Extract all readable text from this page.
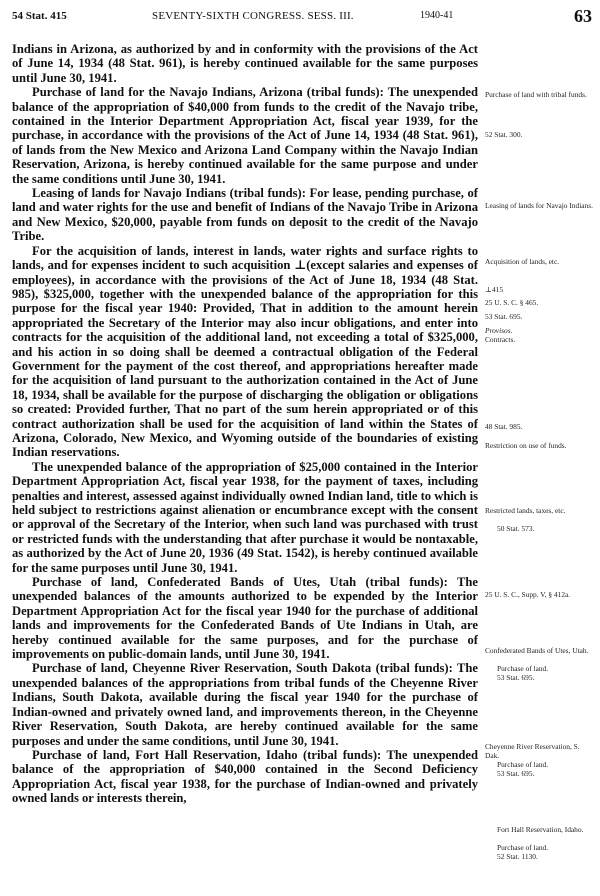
54 Stat. 415	SEVENTY-SIXTH CONGRESS. SESS. III.	1940-41	63

Indians in Arizona, as authorized by and in conformity with the provisions of the Act of June 14, 1934 (48 Stat. 961), is hereby continued available for the same purposes until June 30, 1941.

Purchase of land for the Navajo Indians, Arizona (tribal funds): The unexpended balance of the appropriation of $40,000 from funds to the credit of the Navajo tribe, contained in the Interior Department Appropriation Act, fiscal year 1939, for the purchase, in accordance with the provisions of the Act of June 14, 1934 (48 Stat. 961), of lands from the New Mexico and Arizona Land Company within the Navajo Indian Reservation, Arizona, is hereby continued available for the same purpose and under the same conditions until June 30, 1941.

Leasing of lands for Navajo Indians (tribal funds): For lease, pending purchase, of land and water rights for the use and benefit of Indians of the Navajo Tribe in Arizona and New Mexico, $20,000, payable from funds on deposit to the credit of the Navajo Tribe.

For the acquisition of lands, interest in lands, water rights and surface rights to lands, and for expenses incident to such acquisition ⊥(except salaries and expenses of employees), in accordance with the provisions of the Act of June 18, 1934 (48 Stat. 985), $325,000, together with the unexpended balance of the appropriation for this purpose for the fiscal year 1940: Provided, That in addition to the amount herein appropriated the Secretary of the Interior may also incur obligations, and enter into contracts for the acquisition of the additional land, not exceeding a total of $325,000, and his action in so doing shall be deemed a contractual obligation of the Federal Government for the payment of the cost thereof, and appropriations hereafter made for the acquisition of land pursuant to the authorization contained in the Act of June 18, 1934, shall be available for the purpose of discharging the obligation or obligations so created: Provided further, That no part of the sum herein appropriated or of this contract authorization shall be used for the acquisition of land within the States of Arizona, Colorado, New Mexico, and Wyoming outside of the boundaries of existing Indian reservations.

The unexpended balance of the appropriation of $25,000 contained in the Interior Department Appropriation Act, fiscal year 1938, for the payment of taxes, including penalties and interest, assessed against individually owned Indian land, title to which is held subject to restrictions against alienation or encumbrance except with the consent or approval of the Secretary of the Interior, when such land was purchased with trust or restricted funds with the understanding that after purchase it would be nontaxable, as authorized by the Act of June 20, 1936 (49 Stat. 1542), is hereby continued available for the same purposes until June 30, 1941.

Purchase of land, Confederated Bands of Utes, Utah (tribal funds): The unexpended balances of the amounts authorized to be expended by the Interior Department Appropriation Act for the fiscal year 1940 for the purchase of additional lands and improvements for the Confederated Bands of Ute Indians in Utah, are hereby continued available for the same purposes, and for the purchase of improvements on public-domain lands, until June 30, 1941.

Purchase of land, Cheyenne River Reservation, South Dakota (tribal funds): The unexpended balances of the appropriations from tribal funds of the Cheyenne River Indians, South Dakota, available during the fiscal year 1940 for the purchase of Indian-owned and privately owned land, and improvements thereon, in the Cheyenne River Reservation, South Dakota, are hereby continued available for the same purposes and under the same conditions, until June 30, 1941.

Purchase of land, Fort Hall Reservation, Idaho (tribal funds): The unexpended balance of the appropriation of $40,000 contained in the Second Deficiency Appropriation Act, fiscal year 1938, for the purchase of Indian-owned and privately owned lands or interests therein,

Purchase of land with tribal funds.
52 Stat. 300.
Leasing of lands for Navajo Indians.
Acquisition of lands, etc.
⊥415
25 U. S. C. § 465.
53 Stat. 695.
Provisos.
Contracts.
48 Stat. 985.
Restriction on use of funds.
Restricted lands, taxes, etc.
50 Stat. 573.
25 U. S. C., Supp. V, § 412a.
Confederated Bands of Utes, Utah.
Purchase of land.
53 Stat. 695.
Cheyenne River Reservation, S. Dak.
Purchase of land.
53 Stat. 695.
Fort Hall Reservation, Idaho.
Purchase of land.
52 Stat. 1130.
